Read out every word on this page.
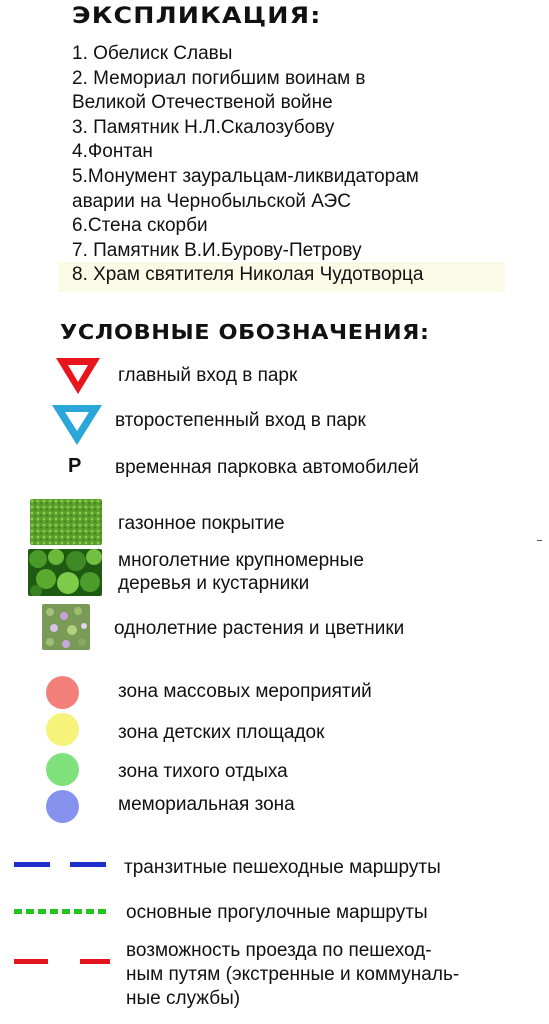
ЭКСПЛИКАЦИЯ:
1. Обелиск Славы
2. Мемориал погибшим воинам в
Великой Отечественой войне
3. Памятник Н.Л.Скалозубову
4.Фонтан
5.Монумент зауральцам-ликвидаторам
аварии на Чернобыльской АЭС
6.Стена скорби
7. Памятник В.И.Бурову-Петрову
8. Храм святителя Николая Чудотворца
УСЛОВНЫЕ ОБОЗНАЧЕНИЯ:
главный вход в парк
второстепенный вход в парк
P временная парковка автомобилей
газонное покрытие
многолетние крупномерные
деревья и кустарники
однолетние растения и цветники
зона массовых мероприятий
зона детских площадок
зона тихого отдыха
мемориальная зона
транзитные пешеходные маршруты
основные прогулочные маршруты
возможность проезда по пешеход-
ным путям (экстренные и коммуналь-
ные службы)
